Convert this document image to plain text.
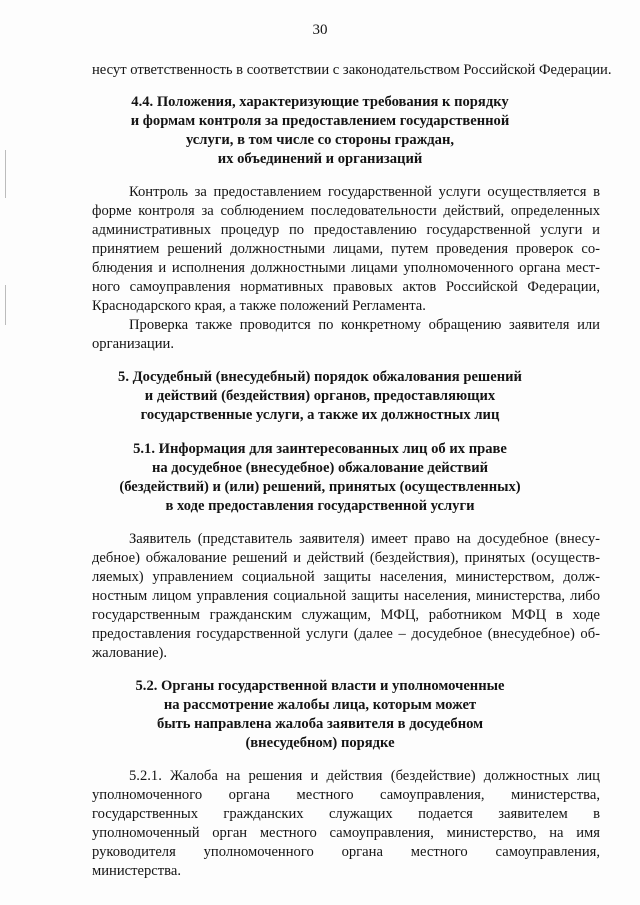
30
несут ответственность в соответствии с законодательством Российской Федерации.
4.4. Положения, характеризующие требования к порядку
и формам контроля за предоставлением государственной
услуги, в том числе со стороны граждан,
их объединений и организаций
Контроль за предоставлением государственной услуги осуществляется в
форме контроля за соблюдением последовательности действий, определенных
административных процедур по предоставлению государственной услуги и
принятием решений должностными лицами, путем проведения проверок со-
блюдения и исполнения должностными лицами уполномоченного органа мест-
ного самоуправления нормативных правовых актов Российской Федерации,
Краснодарского края, а также положений Регламента.
Проверка также проводится по конкретному обращению заявителя или
организации.
5. Досудебный (внесудебный) порядок обжалования решений
и действий (бездействия) органов, предоставляющих
государственные услуги, а также их должностных лиц
5.1. Информация для заинтересованных лиц об их праве
на досудебное (внесудебное) обжалование действий
(бездействий) и (или) решений, принятых (осуществленных)
в ходе предоставления государственной услуги
Заявитель (представитель заявителя) имеет право на досудебное (внесу-
дебное) обжалование решений и действий (бездействия), принятых (осуществ-
ляемых) управлением социальной защиты населения, министерством, долж-
ностным лицом управления социальной защиты населения, министерства, либо
государственным гражданским служащим, МФЦ, работником МФЦ в ходе
предоставления государственной услуги (далее – досудебное (внесудебное) об-
жалование).
5.2. Органы государственной власти и уполномоченные
на рассмотрение жалобы лица, которым может
быть направлена жалоба заявителя в досудебном
(внесудебном) порядке
5.2.1. Жалоба на решения и действия (бездействие) должностных лиц
уполномоченного органа местного самоуправления, министерства,
государственных гражданских служащих подается заявителем в
уполномоченный орган местного самоуправления, министерство, на имя
руководителя уполномоченного органа местного самоуправления,
министерства.
